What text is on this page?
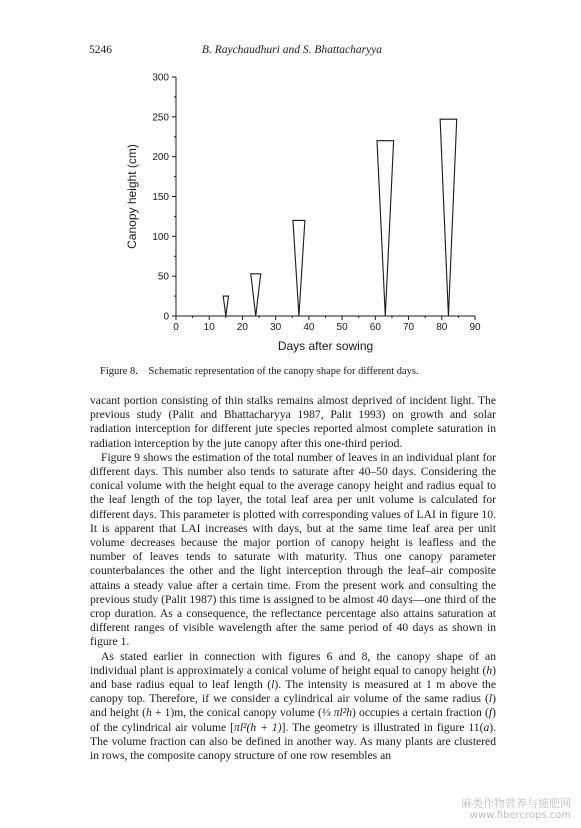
5246	B. Raychaudhuri and S. Bhattacharyya
0 10 20 30 40 50 60 70 80 90
0
50
100
150
200
250
300
Days after sowing
Canopy height (cm)
Figure 8. Schematic representation of the canopy shape for different days.

vacant portion consisting of thin stalks remains almost deprived of incident light. The previous study (Palit and Bhattacharyya 1987, Palit 1993) on growth and solar radiation interception for different jute species reported almost complete saturation in radiation interception by the jute canopy after this one-third period.

Figure 9 shows the estimation of the total number of leaves in an individual plant for different days. This number also tends to saturate after 40–50 days. Considering the conical volume with the height equal to the average canopy height and radius equal to the leaf length of the top layer, the total leaf area per unit volume is calculated for different days. This parameter is plotted with corresponding values of LAI in figure 10. It is apparent that LAI increases with days, but at the same time leaf area per unit volume decreases because the major portion of canopy height is leafless and the number of leaves tends to saturate with maturity. Thus one canopy parameter counterbalances the other and the light interception through the leaf–air composite attains a steady value after a certain time. From the present work and consulting the previous study (Palit 1987) this time is assigned to be almost 40 days—one third of the crop duration. As a consequence, the reflectance percentage also attains saturation at different ranges of visible wavelength after the same period of 40 days as shown in figure 1.

As stated earlier in connection with figures 6 and 8, the canopy shape of an individual plant is approximately a conical volume of height equal to canopy height (h) and base radius equal to leaf length (l). The intensity is measured at 1 m above the canopy top. Therefore, if we consider a cylindrical air volume of the same radius (l) and height (h + 1)m, the conical canopy volume (⅓ πl²h) occupies a certain fraction (f) of the cylindrical air volume [πl²(h + 1)]. The geometry is illustrated in figure 11(a). The volume fraction can also be defined in another way. As many plants are clustered in rows, the composite canopy structure of one row resembles an

麻类作物营养与施肥网
www.fibercrops.com
